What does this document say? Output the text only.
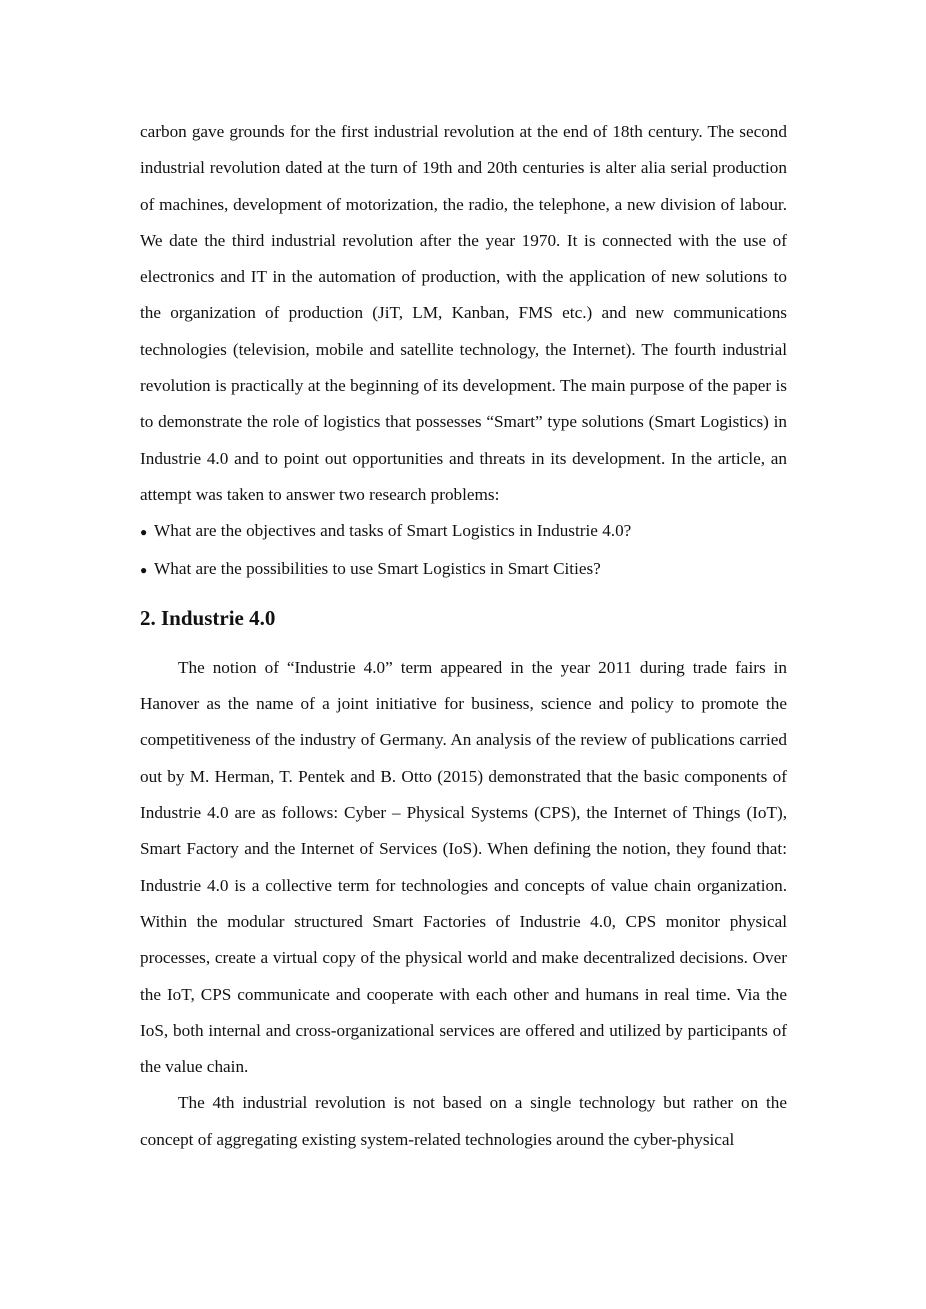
carbon gave grounds for the first industrial revolution at the end of 18th century. The second industrial revolution dated at the turn of 19th and 20th centuries is alter alia serial production of machines, development of motorization, the radio, the telephone, a new division of labour. We date the third industrial revolution after the year 1970. It is connected with the use of electronics and IT in the automation of production, with the application of new solutions to the organization of production (JiT, LM, Kanban, FMS etc.) and new communications technologies (television, mobile and satellite technology, the Internet). The fourth industrial revolution is practically at the beginning of its development. The main purpose of the paper is to demonstrate the role of logistics that possesses “Smart” type solutions (Smart Logistics) in Industrie 4.0 and to point out opportunities and threats in its development. In the article, an attempt was taken to answer two research problems:

● What are the objectives and tasks of Smart Logistics in Industrie 4.0?
● What are the possibilities to use Smart Logistics in Smart Cities?
2. Industrie 4.0

The notion of “Industrie 4.0” term appeared in the year 2011 during trade fairs in Hanover as the name of a joint initiative for business, science and policy to promote the competitiveness of the industry of Germany. An analysis of the review of publications carried out by M. Herman, T. Pentek and B. Otto (2015) demonstrated that the basic components of Industrie 4.0 are as follows: Cyber – Physical Systems (CPS), the Internet of Things (IoT), Smart Factory and the Internet of Services (IoS). When defining the notion, they found that: Industrie 4.0 is a collective term for technologies and concepts of value chain organization. Within the modular structured Smart Factories of Industrie 4.0, CPS monitor physical processes, create a virtual copy of the physical world and make decentralized decisions. Over the IoT, CPS communicate and cooperate with each other and humans in real time. Via the IoS, both internal and cross-organizational services are offered and utilized by participants of the value chain.

The 4th industrial revolution is not based on a single technology but rather on the concept of aggregating existing system-related technologies around the cyber-physical
